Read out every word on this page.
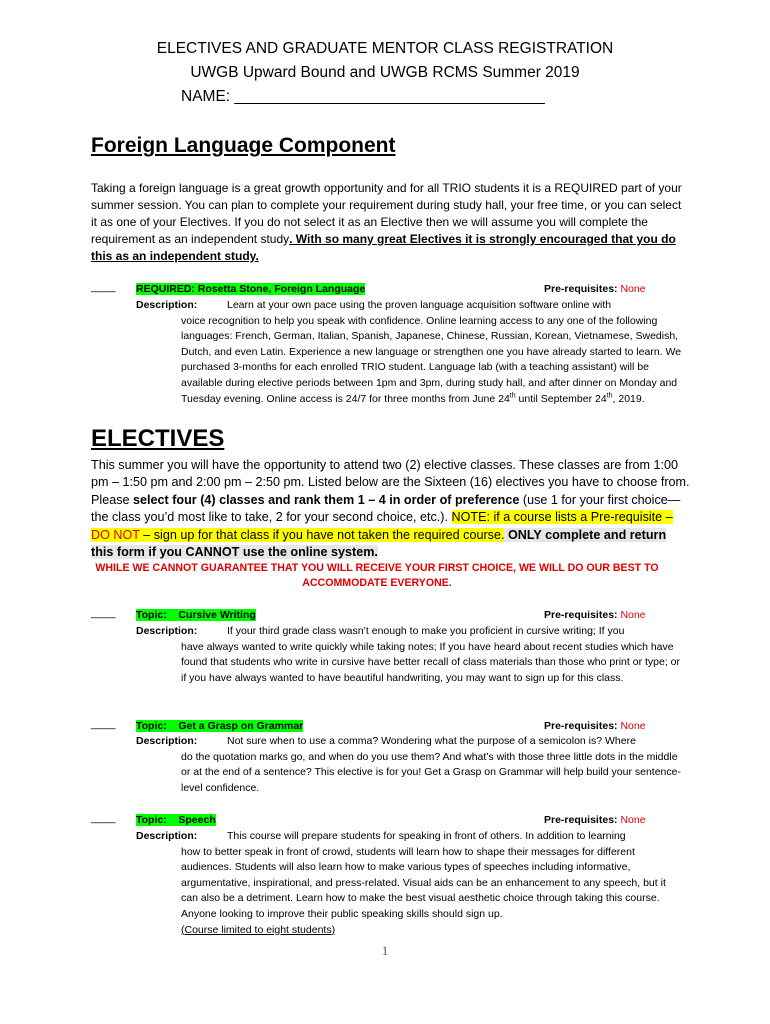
ELECTIVES AND GRADUATE MENTOR CLASS REGISTRATION
UWGB Upward Bound and UWGB RCMS Summer 2019
NAME: ____________________________________
Foreign Language Component
Taking a foreign language is a great growth opportunity and for all TRIO students it is a REQUIRED part of your summer session. You can plan to complete your requirement during study hall, your free time, or you can select it as one of your Electives. If you do not select it as an Elective then we will assume you will complete the requirement as an independent study. With so many great Electives it is strongly encouraged that you do this as an independent study.
____ REQUIRED: Rosetta Stone, Foreign Language	Pre-requisites: None
Description:	Learn at your own pace using the proven language acquisition software online with
voice recognition to help you speak with confidence. Online learning access to any one of the following languages: French, German, Italian, Spanish, Japanese, Chinese, Russian, Korean, Vietnamese, Swedish, Dutch, and even Latin. Experience a new language or strengthen one you have already started to learn. We purchased 3-months for each enrolled TRIO student. Language lab (with a teaching assistant) will be available during elective periods between 1pm and 3pm, during study hall, and after dinner on Monday and Tuesday evening. Online access is 24/7 for three months from June 24th until September 24th, 2019.
ELECTIVES
This summer you will have the opportunity to attend two (2) elective classes. These classes are from 1:00 pm – 1:50 pm and 2:00 pm – 2:50 pm. Listed below are the Sixteen (16) electives you have to choose from. Please select four (4) classes and rank them 1 – 4 in order of preference (use 1 for your first choice—the class you’d most like to take, 2 for your second choice, etc.). NOTE: if a course lists a Pre-requisite – DO NOT – sign up for that class if you have not taken the required course. ONLY complete and return this form if you CANNOT use the online system.
WHILE WE CANNOT GUARANTEE THAT YOU WILL RECEIVE YOUR FIRST CHOICE, WE WILL DO OUR BEST TO
ACCOMMODATE EVERYONE.
____ Topic: Cursive Writing	Pre-requisites: None
Description:	If your third grade class wasn’t enough to make you proficient in cursive writing; If you
have always wanted to write quickly while taking notes; If you have heard about recent studies which have found that students who write in cursive have better recall of class materials than those who print or type; or if you have always wanted to have beautiful handwriting, you may want to sign up for this class.
____ Topic: Get a Grasp on Grammar	Pre-requisites: None
Description:	Not sure when to use a comma? Wondering what the purpose of a semicolon is? Where
do the quotation marks go, and when do you use them? And what’s with those three little dots in the middle or at the end of a sentence? This elective is for you! Get a Grasp on Grammar will help build your sentence-level confidence.
____ Topic: Speech	Pre-requisites: None
Description:	This course will prepare students for speaking in front of others. In addition to learning
how to better speak in front of crowd, students will learn how to shape their messages for different audiences. Students will also learn how to make various types of speeches including informative, argumentative, inspirational, and press-related. Visual aids can be an enhancement to any speech, but it can also be a detriment. Learn how to make the best visual aesthetic choice through taking this course. Anyone looking to improve their public speaking skills should sign up.
(Course limited to eight students)
1
